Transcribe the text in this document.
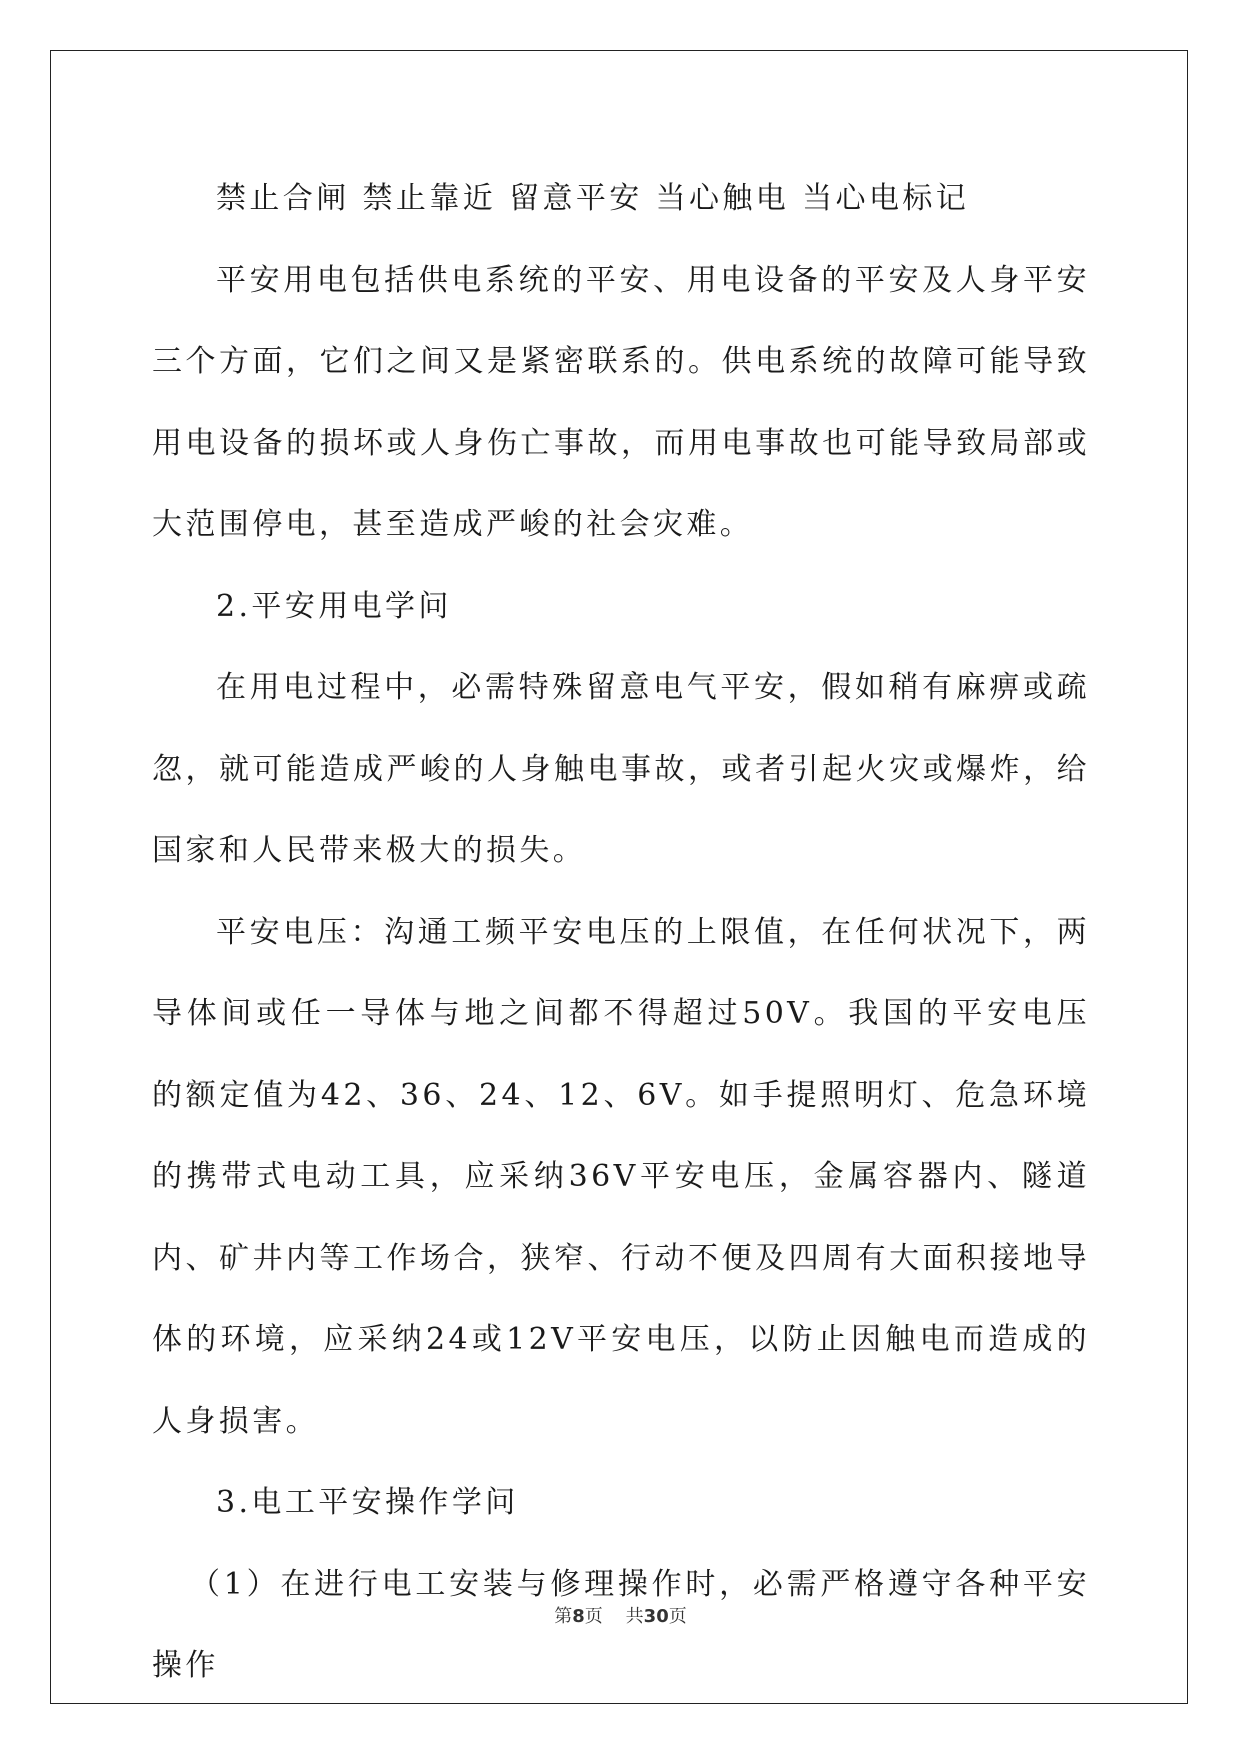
禁止合闸 禁止靠近 留意平安 当心触电 当心电标记

平安用电包括供电系统的平安、用电设备的平安及人身平安三个方面，它们之间又是紧密联系的。供电系统的故障可能导致用电设备的损坏或人身伤亡事故，而用电事故也可能导致局部或大范围停电，甚至造成严峻的社会灾难。

2.平安用电学问

在用电过程中，必需特殊留意电气平安，假如稍有麻痹或疏忽，就可能造成严峻的人身触电事故，或者引起火灾或爆炸，给国家和人民带来极大的损失。

平安电压：沟通工频平安电压的上限值，在任何状况下，两导体间或任一导体与地之间都不得超过50V。我国的平安电压的额定值为42、36、24、12、6V。如手提照明灯、危急环境的携带式电动工具，应采纳36V平安电压，金属容器内、隧道内、矿井内等工作场合，狭窄、行动不便及四周有大面积接地导体的环境，应采纳24或12V平安电压，以防止因触电而造成的人身损害。

3.电工平安操作学问

（1）在进行电工安装与修理操作时，必需严格遵守各种平安操作

第8页 共30页
